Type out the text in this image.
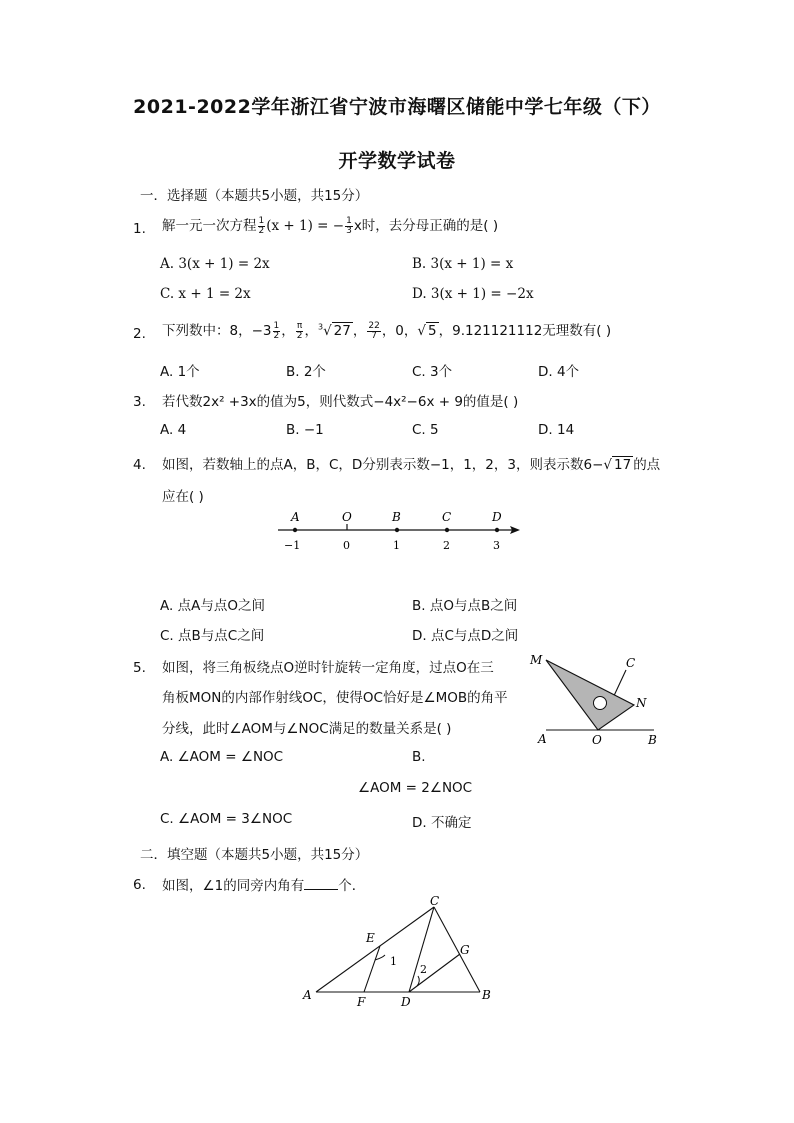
2021-2022学年浙江省宁波市海曙区储能中学七年级（下）
开学数学试卷
一．选择题（本题共5小题，共15分）
1. 解一元一次方程 $\frac{1}{2} (x + 1)$ = − $\frac{1}{3}$ x时，去分母正确的是( )
A. 3(x + 1) = 2x	B. 3(x + 1) = x
C. x + 1 = 2x	D. 3(x + 1) = −2x
2. 下列数中：8，$-3 \frac{1}{2}$ ， $\frac{\pi}{2}$ ，$^3$√ 27 ， $\frac{22}{7}$ ，0，√ 5 ，9.121121112无理数有( )
A. 1个	B. 2个	C. 3个	D. 4个
3. 若代数2x² +3x的值为5，则代数式−4x²−6x + 9的值是( )
A. 4	B. −1	C. 5	D. 14
4. 如图，若数轴上的点A，B，C，D分别表示数−1，1，2，3，则表示数6−√ 17 的点
应在( )
A	O	B	C	D
−1	0	1	2	3
A. 点A与点O之间	B. 点O与点B之间
C. 点B与点C之间	D. 点C与点D之间
5. 如图，将三角板绕点O逆时针旋转一定角度，过点O在三
角板MON的内部作射线OC，使得OC恰好是∠MOB的角平
分线，此时∠AOM与∠NOC满足的数量关系是( )
M	C
N
A	O	B
A. ∠AOM = ∠NOC	B.
∠AOM = 2∠NOC
C. ∠AOM = 3∠NOC	D. 不确定
二．填空题（本题共5小题，共15分）
6. 如图，∠1的同旁内角有	个．
C
E
G
1
2
A	F	D	B
